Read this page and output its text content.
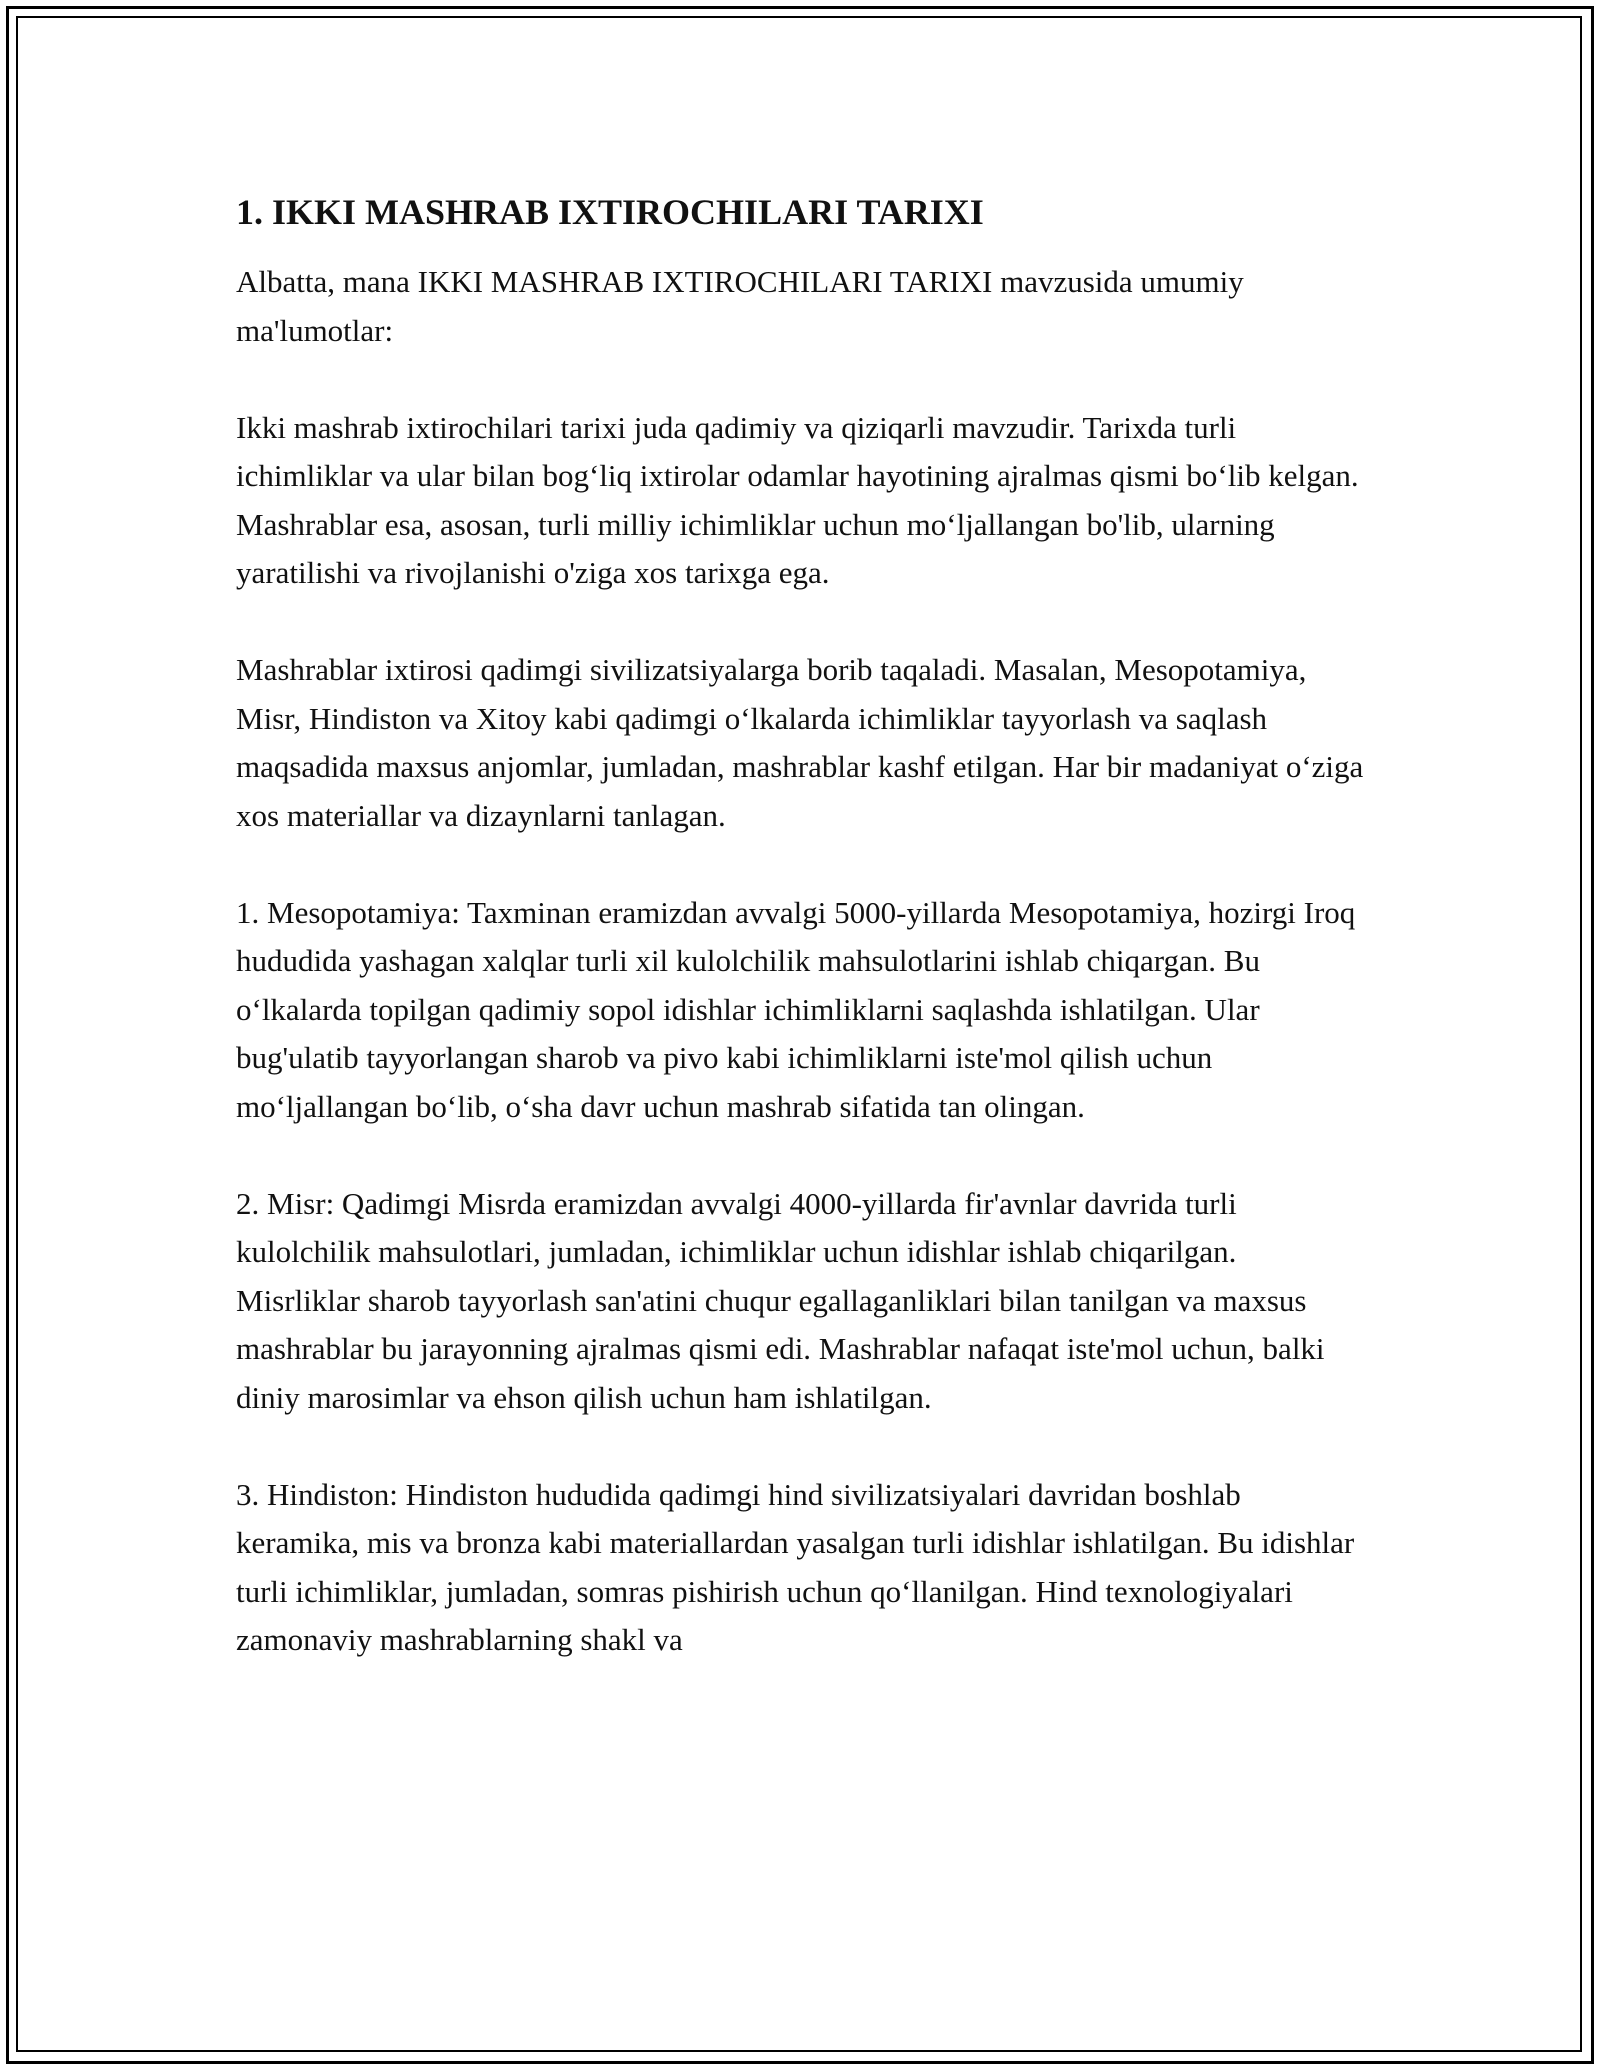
1. IKKI MASHRAB IXTIROCHILARI TARIXI

Albatta, mana IKKI MASHRAB IXTIROCHILARI TARIXI mavzusida umumiy ma'lumotlar:

Ikki mashrab ixtirochilari tarixi juda qadimiy va qiziqarli mavzudir. Tarixda turli ichimliklar va ular bilan bog‘liq ixtirolar odamlar hayotining ajralmas qismi bo‘lib kelgan. Mashrablar esa, asosan, turli milliy ichimliklar uchun mo‘ljallangan bo'lib, ularning yaratilishi va rivojlanishi o'ziga xos tarixga ega.

Mashrablar ixtirosi qadimgi sivilizatsiyalarga borib taqaladi. Masalan, Mesopotamiya, Misr, Hindiston va Xitoy kabi qadimgi o‘lkalarda ichimliklar tayyorlash va saqlash maqsadida maxsus anjomlar, jumladan, mashrablar kashf etilgan. Har bir madaniyat o‘ziga xos materiallar va dizaynlarni tanlagan.

1. Mesopotamiya: Taxminan eramizdan avvalgi 5000-yillarda Mesopotamiya, hozirgi Iroq hududida yashagan xalqlar turli xil kulolchilik mahsulotlarini ishlab chiqargan. Bu o‘lkalarda topilgan qadimiy sopol idishlar ichimliklarni saqlashda ishlatilgan. Ular bug'ulatib tayyorlangan sharob va pivo kabi ichimliklarni iste'mol qilish uchun mo‘ljallangan bo‘lib, o‘sha davr uchun mashrab sifatida tan olingan.

2. Misr: Qadimgi Misrda eramizdan avvalgi 4000-yillarda fir'avnlar davrida turli kulolchilik mahsulotlari, jumladan, ichimliklar uchun idishlar ishlab chiqarilgan. Misrliklar sharob tayyorlash san'atini chuqur egallaganliklari bilan tanilgan va maxsus mashrablar bu jarayonning ajralmas qismi edi. Mashrablar nafaqat iste'mol uchun, balki diniy marosimlar va ehson qilish uchun ham ishlatilgan.

3. Hindiston: Hindiston hududida qadimgi hind sivilizatsiyalari davridan boshlab keramika, mis va bronza kabi materiallardan yasalgan turli idishlar ishlatilgan. Bu idishlar turli ichimliklar, jumladan, somras pishirish uchun qo‘llanilgan. Hind texnologiyalari zamonaviy mashrablarning shakl va
